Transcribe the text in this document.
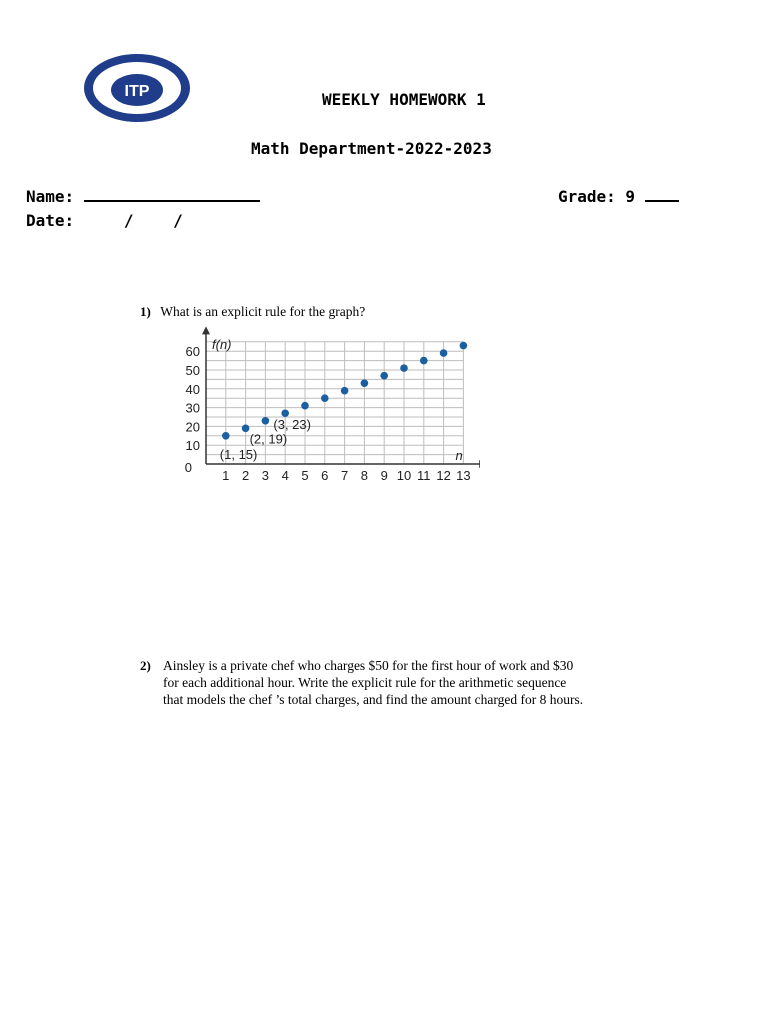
ITP	WEEKLY HOMEWORK 1
Math Department-2022-2023
Name:	Grade: 9
Date:	/ /
1) What is an explicit rule for the graph?
0
10
20
30
40
50
60
1 2 3 4 5 6 7 8 9 10 11 12 13
f(n)
n
(1, 15)
(2, 19)
(3, 23)
2) Ainsley is a private chef who charges $50 for the first hour of work and $30
for each additional hour. Write the explicit rule for the arithmetic sequence
that models the chef ’s total charges, and find the amount charged for 8 hours.
